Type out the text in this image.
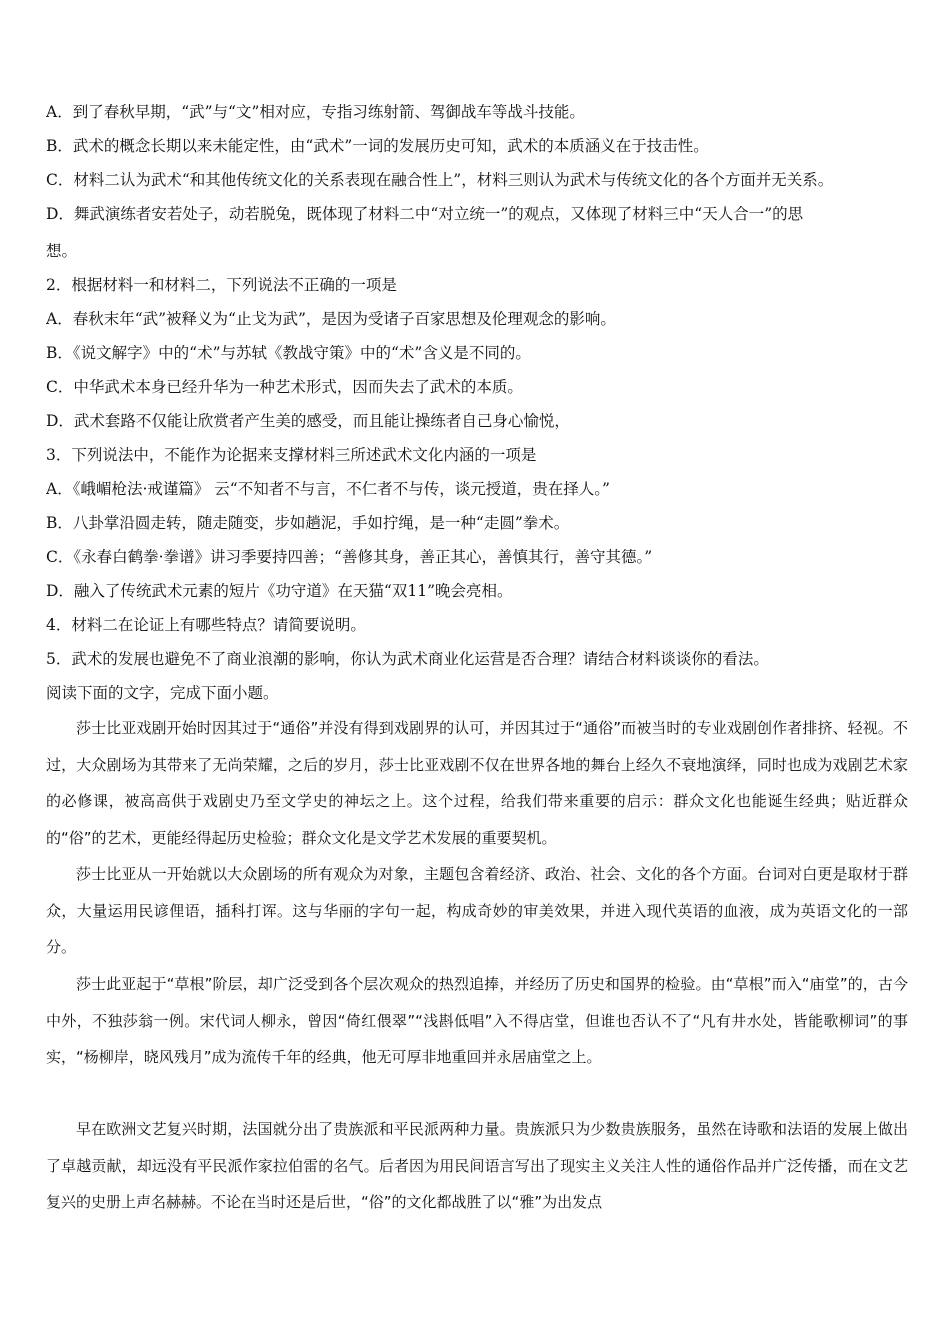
A．到了春秋早期，“武”与“文”相对应，专指习练射箭、驾御战车等战斗技能。
B．武术的概念长期以来未能定性，由“武术”一词的发展历史可知，武术的本质涵义在于技击性。
C．材料二认为武术“和其他传统文化的关系表现在融合性上”，材料三则认为武术与传统文化的各个方面并无关系。
D．舞武演练者安若处子，动若脱兔，既体现了材料二中“对立统一”的观点，又体现了材料三中“天人合一”的思
想。
2．根据材料一和材料二，下列说法不正确的一项是
A．春秋末年“武”被释义为“止戈为武”，是因为受诸子百家思想及伦理观念的影响。
B．《说文解字》中的“术”与苏轼《教战守策》中的“术”含义是不同的。
C．中华武术本身已经升华为一种艺术形式，因而失去了武术的本质。
D．武术套路不仅能让欣赏者产生美的感受，而且能让操练者自己身心愉悦，
3．下列说法中，不能作为论据来支撑材料三所述武术文化内涵的一项是
A．《峨嵋枪法·戒谨篇》 云“不知者不与言，不仁者不与传，谈元授道，贵在择人。”
B．八卦掌沿圆走转，随走随变，步如趟泥，手如拧绳，是一种“走圆”拳术。
C．《永春白鹤拳·拳谱》讲习季要持四善；“善修其身，善正其心，善慎其行，善守其德。”
D．融入了传统武术元素的短片《功守道》在天猫“双11”晚会亮相。
4．材料二在论证上有哪些特点？请简要说明。
5．武术的发展也避免不了商业浪潮的影响，你认为武术商业化运营是否合理？请结合材料谈谈你的看法。
阅读下面的文字，完成下面小题。
莎士比亚戏剧开始时因其过于“通俗”并没有得到戏剧界的认可，并因其过于“通俗”而被当时的专业戏剧创作者排挤、轻视。不过，大众剧场为其带来了无尚荣耀，之后的岁月，莎士比亚戏剧不仅在世界各地的舞台上经久不衰地演绎，同时也成为戏剧艺术家的必修课，被高高供于戏剧史乃至文学史的神坛之上。这个过程，给我们带来重要的启示：群众文化也能诞生经典；贴近群众的“俗”的艺术，更能经得起历史检验；群众文化是文学艺术发展的重要契机。
莎士比亚从一开始就以大众剧场的所有观众为对象，主题包含着经济、政治、社会、文化的各个方面。台词对白更是取材于群众，大量运用民谚俚语，插科打诨。这与华丽的字句一起，构成奇妙的审美效果，并进入现代英语的血液，成为英语文化的一部分。
莎士此亚起于“草根”阶层，却广泛受到各个层次观众的热烈追捧，并经历了历史和国界的检验。由“草根”而入“庙堂”的，古今中外，不独莎翁一例。宋代词人柳永，曾因“倚红偎翠”“浅斟低唱”入不得店堂，但谁也否认不了“凡有井水处，皆能歌柳词”的事实，“杨柳岸，晓风残月”成为流传千年的经典，他无可厚非地重回并永居庙堂之上。
早在欧洲文艺复兴时期，法国就分出了贵族派和平民派两种力量。贵族派只为少数贵族服务，虽然在诗歌和法语的发展上做出了卓越贡献，却远没有平民派作家拉伯雷的名气。后者因为用民间语言写出了现实主义关注人性的通俗作品并广泛传播，而在文艺复兴的史册上声名赫赫。不论在当时还是后世，“俗”的文化都战胜了以“雅”为出发点
